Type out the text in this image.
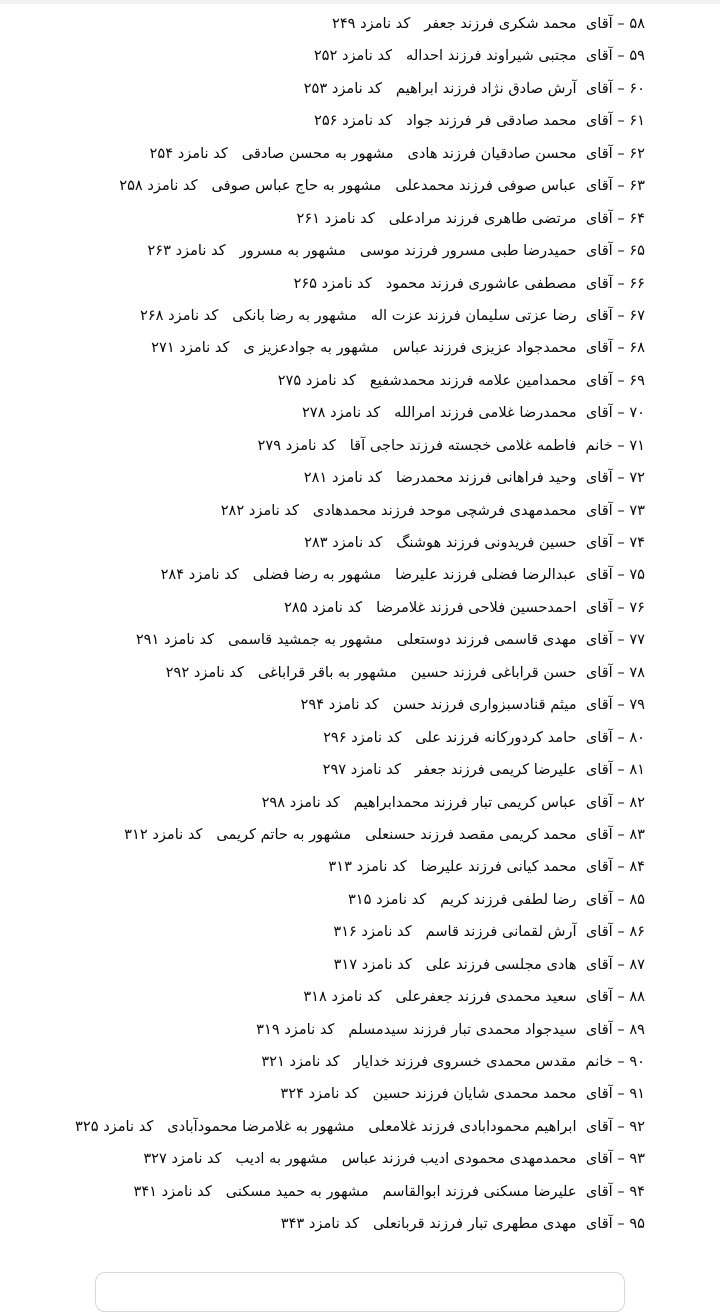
۵۸ – آقای  محمد شکری فرزند جعفر   کد نامزد ۲۴۹
۵۹ – آقای  مجتبی شیراوند فرزند احداله   کد نامزد ۲۵۲
۶۰ – آقای  آرش صادق نژاد فرزند ابراهیم   کد نامزد ۲۵۳
۶۱ – آقای  محمد صادقی فر فرزند جواد   کد نامزد ۲۵۶
۶۲ – آقای  محسن صادقیان فرزند هادی   مشهور به محسن صادقی   کد نامزد ۲۵۴
۶۳ – آقای  عباس صوفی فرزند محمدعلی   مشهور به حاج عباس صوفی   کد نامزد ۲۵۸
۶۴ – آقای  مرتضی طاهری فرزند مرادعلی   کد نامزد ۲۶۱
۶۵ – آقای  حمیدرضا طبی مسرور فرزند موسی   مشهور به مسرور   کد نامزد ۲۶۳
۶۶ – آقای  مصطفی عاشوری فرزند محمود   کد نامزد ۲۶۵
۶۷ – آقای  رضا عزتی سلیمان فرزند عزت اله   مشهور به رضا بانکی   کد نامزد ۲۶۸
۶۸ – آقای  محمدجواد عزیزی فرزند عباس   مشهور به جوادعزیز ی   کد نامزد ۲۷۱
۶۹ – آقای  محمدامین علامه فرزند محمدشفیع   کد نامزد ۲۷۵
۷۰ – آقای  محمدرضا غلامی فرزند امرالله   کد نامزد ۲۷۸
۷۱ – خانم  فاطمه غلامی خجسته فرزند حاجی آقا   کد نامزد ۲۷۹
۷۲ – آقای  وحید فراهانی فرزند محمدرضا   کد نامزد ۲۸۱
۷۳ – آقای  محمدمهدی فرشچی موحد فرزند محمدهادی   کد نامزد ۲۸۲
۷۴ – آقای  حسین فریدونی فرزند هوشنگ   کد نامزد ۲۸۳
۷۵ – آقای  عبدالرضا فضلی فرزند علیرضا   مشهور به رضا فضلی   کد نامزد ۲۸۴
۷۶ – آقای  احمدحسین فلاحی فرزند غلامرضا   کد نامزد ۲۸۵
۷۷ – آقای  مهدی قاسمی فرزند دوستعلی   مشهور به جمشید قاسمی   کد نامزد ۲۹۱
۷۸ – آقای  حسن قراباغی فرزند حسین   مشهور به باقر قراباغی   کد نامزد ۲۹۲
۷۹ – آقای  میثم قنادسبزواری فرزند حسن   کد نامزد ۲۹۴
۸۰ – آقای  حامد کردورکانه فرزند علی   کد نامزد ۲۹۶
۸۱ – آقای  علیرضا کریمی فرزند جعفر   کد نامزد ۲۹۷
۸۲ – آقای  عباس کریمی تبار فرزند محمدابراهیم   کد نامزد ۲۹۸
۸۳ – آقای  محمد کریمی مقصد فرزند حسنعلی   مشهور به حاتم کریمی   کد نامزد ۳۱۲
۸۴ – آقای  محمد کیانی فرزند علیرضا   کد نامزد ۳۱۳
۸۵ – آقای  رضا لطفی فرزند کریم   کد نامزد ۳۱۵
۸۶ – آقای  آرش لقمانی فرزند قاسم   کد نامزد ۳۱۶
۸۷ – آقای  هادی مجلسی فرزند علی   کد نامزد ۳۱۷
۸۸ – آقای  سعید محمدی فرزند جعفرعلی   کد نامزد ۳۱۸
۸۹ – آقای  سیدجواد محمدی تبار فرزند سیدمسلم   کد نامزد ۳۱۹
۹۰ – خانم  مقدس محمدی خسروی فرزند خدایار   کد نامزد ۳۲۱
۹۱ – آقای  محمد محمدی شایان فرزند حسین   کد نامزد ۳۲۴
۹۲ – آقای  ابراهیم محمودابادی فرزند غلامعلی   مشهور به غلامرضا محمودآبادی   کد نامزد ۳۲۵
۹۳ – آقای  محمدمهدی محمودی ادیب فرزند عباس   مشهور به ادیب   کد نامزد ۳۲۷
۹۴ – آقای  علیرضا مسکنی فرزند ابوالقاسم   مشهور به حمید مسکنی   کد نامزد ۳۴۱
۹۵ – آقای  مهدی مطهری تبار فرزند قربانعلی   کد نامزد ۳۴۳
